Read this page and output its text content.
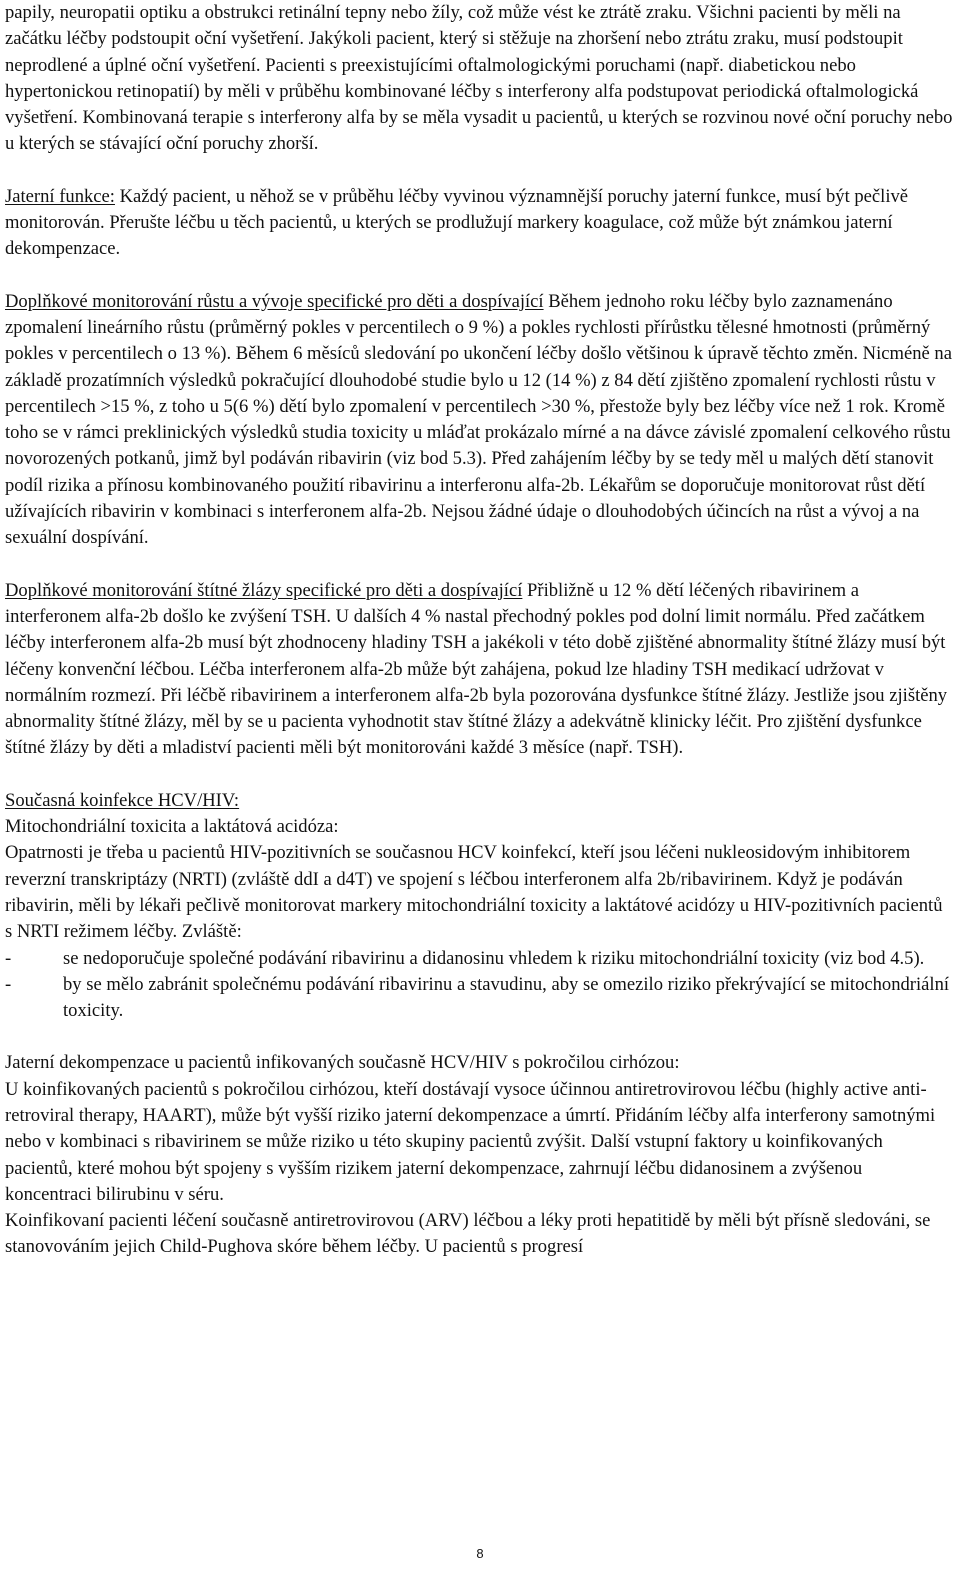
papily, neuropatii optiku a obstrukci retinální tepny nebo žíly, což může vést ke ztrátě zraku. Všichni pacienti by měli na začátku léčby podstoupit oční vyšetření. Jakýkoli pacient, který si stěžuje na zhoršení nebo ztrátu zraku, musí podstoupit neprodlené a úplné oční vyšetření. Pacienti s preexistujícími oftalmologickými poruchami (např. diabetickou nebo hypertonickou retinopatií) by měli v průběhu kombinované léčby s interferony alfa podstupovat periodická oftalmologická vyšetření. Kombinovaná terapie s interferony alfa by se měla vysadit u pacientů, u kterých se rozvinou nové oční poruchy nebo u kterých se stávající oční poruchy zhorší.

Jaterní funkce: Každý pacient, u něhož se v průběhu léčby vyvinou významnější poruchy jaterní funkce, musí být pečlivě monitorován. Přerušte léčbu u těch pacientů, u kterých se prodlužují markery koagulace, což může být známkou jaterní dekompenzace.

Doplňkové monitorování růstu a vývoje specifické pro děti a dospívající Během jednoho roku léčby bylo zaznamenáno zpomalení lineárního růstu (průměrný pokles v percentilech o 9 %) a pokles rychlosti přírůstku tělesné hmotnosti (průměrný pokles v percentilech o 13 %). Během 6 měsíců sledování po ukončení léčby došlo většinou k úpravě těchto změn. Nicméně na základě prozatímních výsledků pokračující dlouhodobé studie bylo u 12 (14 %) z 84 dětí zjištěno zpomalení rychlosti růstu v percentilech >15 %, z toho u 5(6 %) dětí bylo zpomalení v percentilech >30 %, přestože byly bez léčby více než 1 rok. Kromě toho se v rámci preklinických výsledků studia toxicity u mláďat prokázalo mírné a na dávce závislé zpomalení celkového růstu novorozených potkanů, jimž byl podáván ribavirin (viz bod 5.3). Před zahájením léčby by se tedy měl u malých dětí stanovit podíl rizika a přínosu kombinovaného použití ribavirinu a interferonu alfa-2b. Lékařům se doporučuje monitorovat růst dětí užívajících ribavirin v kombinaci s interferonem alfa-2b. Nejsou žádné údaje o dlouhodobých účincích na růst a vývoj a na sexuální dospívání.

Doplňkové monitorování štítné žlázy specifické pro děti a dospívající Přibližně u 12 % dětí léčených ribavirinem a interferonem alfa-2b došlo ke zvýšení TSH. U dalších 4 % nastal přechodný pokles pod dolní limit normálu. Před začátkem léčby interferonem alfa-2b musí být zhodnoceny hladiny TSH a jakékoli v této době zjištěné abnormality štítné žlázy musí být léčeny konvenční léčbou. Léčba interferonem alfa-2b může být zahájena, pokud lze hladiny TSH medikací udržovat v normálním rozmezí. Při léčbě ribavirinem a interferonem alfa-2b byla pozorována dysfunkce štítné žlázy. Jestliže jsou zjištěny abnormality štítné žlázy, měl by se u pacienta vyhodnotit stav štítné žlázy a adekvátně klinicky léčit. Pro zjištění dysfunkce štítné žlázy by děti a mladiství pacienti měli být monitorováni každé 3 měsíce (např. TSH).

Současná koinfekce HCV/HIV:

Mitochondriální toxicita a laktátová acidóza:

Opatrnosti je třeba u pacientů HIV-pozitivních se současnou HCV koinfekcí, kteří jsou léčeni nukleosidovým inhibitorem reverzní transkriptázy (NRTI) (zvláště ddI a d4T) ve spojení s léčbou interferonem alfa 2b/ribavirinem. Když je podáván ribavirin, měli by lékaři pečlivě monitorovat markery mitochondriální toxicity a laktátové acidózy u HIV-pozitivních pacientů s NRTI režimem léčby. Zvláště:

-	se nedoporučuje společné podávání ribavirinu a didanosinu vhledem k riziku mitochondriální toxicity (viz bod 4.5).
-	by se mělo zabránit společnému podávání ribavirinu a stavudinu, aby se omezilo riziko překrývající se mitochondriální toxicity.

Jaterní dekompenzace u pacientů infikovaných současně HCV/HIV s pokročilou cirhózou:

U koinfikovaných pacientů s pokročilou cirhózou, kteří dostávají vysoce účinnou antiretrovirovou léčbu (highly active anti-retroviral therapy, HAART), může být vyšší riziko jaterní dekompenzace a úmrtí. Přidáním léčby alfa interferony samotnými nebo v kombinaci s ribavirinem se může riziko u této skupiny pacientů zvýšit. Další vstupní faktory u koinfikovaných pacientů, které mohou být spojeny s vyšším rizikem jaterní dekompenzace, zahrnují léčbu didanosinem a zvýšenou koncentraci bilirubinu v séru.

Koinfikovaní pacienti léčení současně antiretrovirovou (ARV) léčbou a léky proti hepatitidě by měli být přísně sledováni, se stanovováním jejich Child-Pughova skóre během léčby. U pacientů s progresí

8
